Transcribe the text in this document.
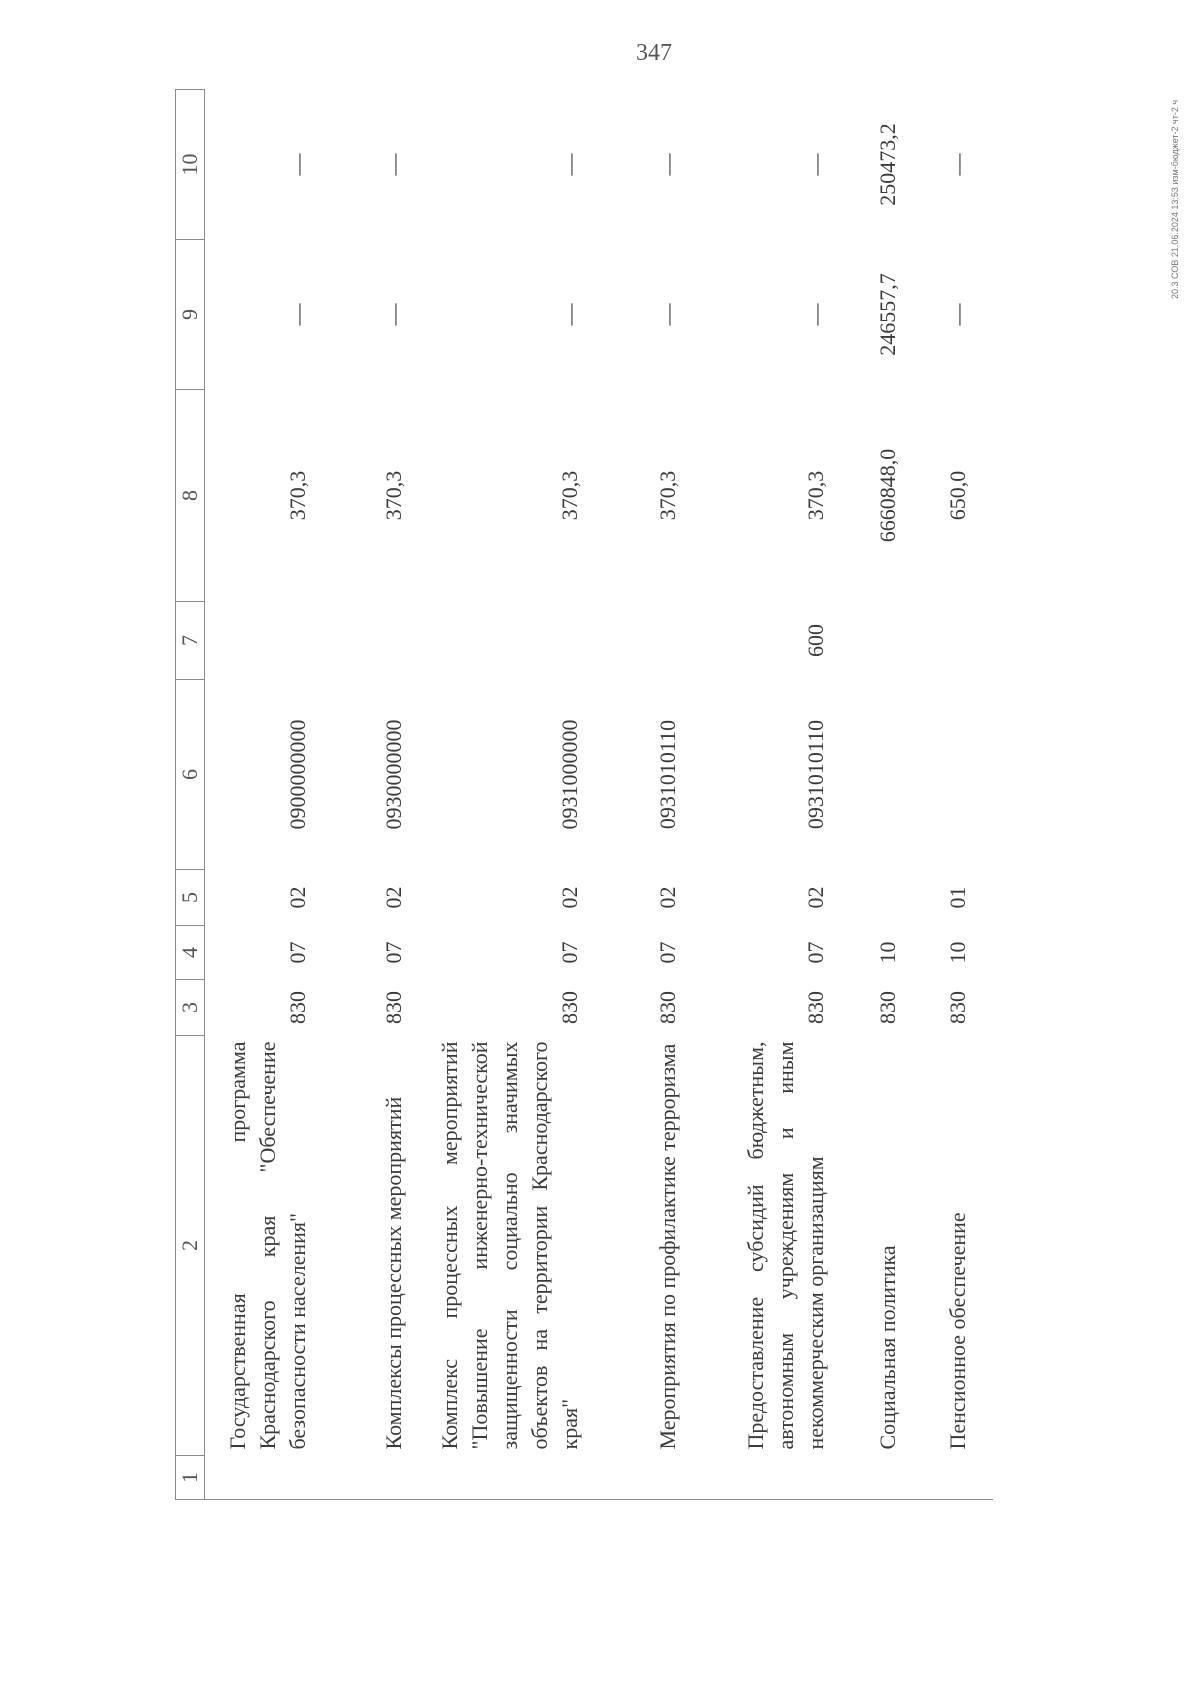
347
20.3 СОВ 21.06.2024 13:53 изм-бюджет-2 чт-2 ч
1	2	3	4	5	6	7	8	9	10
	Государственная программа Краснодарского края "Обеспечение безопасности населения"	830	07	02	0900000000		370,3	—	—
	Комплексы процессных мероприятий	830	07	02	0930000000		370,3	—	—
	Комплекс процессных мероприятий "Повышение инженерно-технической защищенности социально значимых объектов на территории Краснодарского края"	830	07	02	0931000000		370,3	—	—
	Мероприятия по профилактике терроризма	830	07	02	0931010110		370,3	—	—
	Предоставление субсидий бюджетным, автономным учреждениям и иным некоммерческим организациям	830	07	02	0931010110	600	370,3	—	—
	Социальная политика	830	10				6660848,0	246557,7	250473,2
	Пенсионное обеспечение	830	10	01			650,0	—	—
